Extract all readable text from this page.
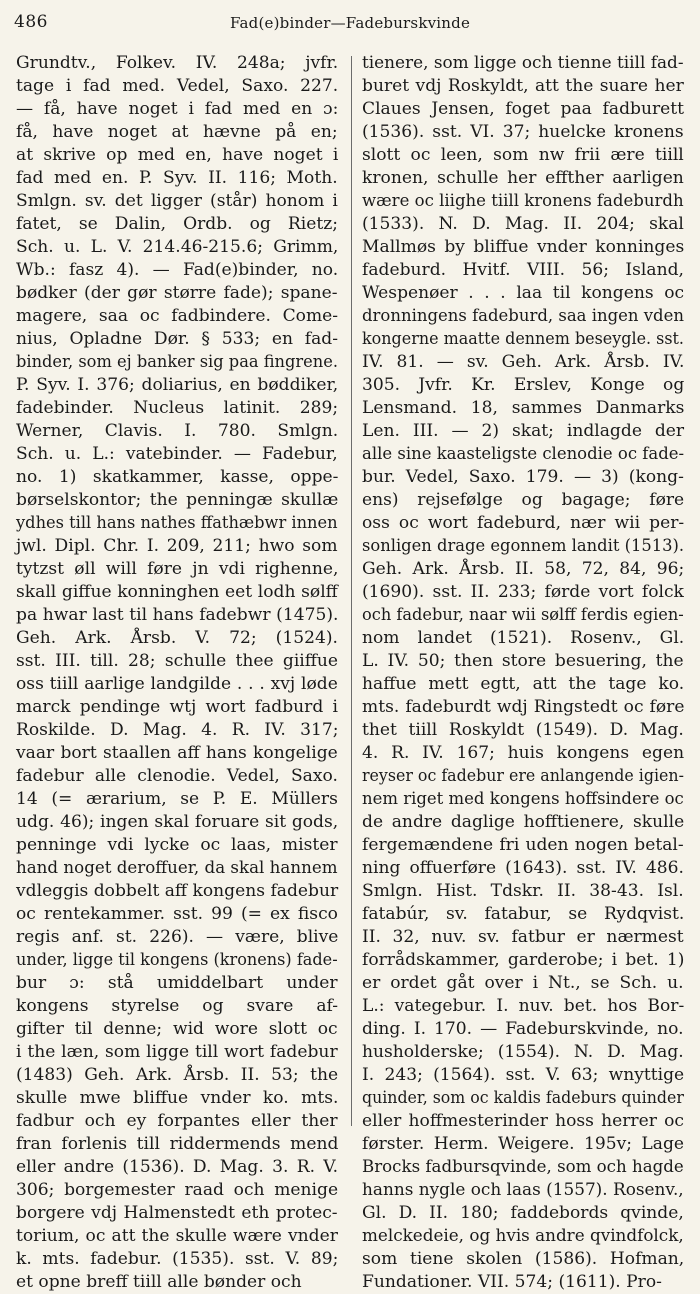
486	Fad(e)binder—Fadeburskvinde
Grundtv., Folkev. IV. 248a; jvfr.
tage i fad med. Vedel, Saxo. 227.
— få, have noget i fad med en ɔ:
få, have noget at hævne på en;
at skrive op med en, have noget i
fad med en. P. Syv. II. 116; Moth.
Smlgn. sv. det ligger (står) honom i
fatet, se Dalin, Ordb. og Rietz;
Sch. u. L. V. 214.46-215.6; Grimm,
Wb.: fasz 4). — Fad(e)binder, no.
bødker (der gør større fade); spane-
magere, saa oc fadbindere. Come-
nius, Opladne Dør. § 533; en fad-
binder, som ej banker sig paa fingrene.
P. Syv. I. 376; doliarius, en bøddiker,
fadebinder. Nucleus latinit. 289;
Werner, Clavis. I. 780. Smlgn.
Sch. u. L.: vatebinder. — Fadebur,
no. 1) skatkammer, kasse, oppe-
børselskontor; the penningæ skullæ
ydhes till hans nathes ffathæbwr innen
jwl. Dipl. Chr. I. 209, 211; hwo som
tytzst øll will føre jn vdi righenne,
skall giffue konninghen eet lodh sølff
pa hwar last til hans fadebwr (1475).
Geh. Ark. Årsb. V. 72; (1524).
sst. III. till. 28; schulle thee giiffue
oss tiill aarlige landgilde . . . xvj løde
marck pendinge wtj wort fadburd i
Roskilde. D. Mag. 4. R. IV. 317;
vaar bort staallen aff hans kongelige
fadebur alle clenodie. Vedel, Saxo.
14 (= ærarium, se P. E. Müllers
udg. 46); ingen skal foruare sit gods,
penninge vdi lycke oc laas, mister
hand noget deroffuer, da skal hannem
vdleggis dobbelt aff kongens fadebur
oc rentekammer. sst. 99 (= ex fisco
regis anf. st. 226). — være, blive
under, ligge til kongens (kronens) fade-
bur ɔ: stå umiddelbart under
kongens styrelse og svare af-
gifter til denne; wid wore slott oc
i the læn, som ligge till wort fadebur
(1483) Geh. Ark. Årsb. II. 53; the
skulle mwe bliffue vnder ko. mts.
fadbur och ey forpantes eller ther
fran forlenis till riddermends mend
eller andre (1536). D. Mag. 3. R. V.
306; borgemester raad och menige
borgere vdj Halmenstedt eth protec-
torium, oc att the skulle wære vnder
k. mts. fadebur. (1535). sst. V. 89;
et opne breff tiill alle bønder och
tienere, som ligge och tienne tiill fad-
buret vdj Roskyldt, att the suare her
Claues Jensen, foget paa fadburett
(1536). sst. VI. 37; huelcke kronens
slott oc leen, som nw frii ære tiill
kronen, schulle her effther aarligen
wære oc liighe tiill kronens fadeburdh
(1533). N. D. Mag. II. 204; skal
Mallmøs by bliffue vnder konninges
fadeburd. Hvitf. VIII. 56; Island,
Wespenøer . . . laa til kongens oc
dronningens fadeburd, saa ingen vden
kongerne maatte dennem beseygle. sst.
IV. 81. — sv. Geh. Ark. Årsb. IV.
305. Jvfr. Kr. Erslev, Konge og
Lensmand. 18, sammes Danmarks
Len. III. — 2) skat; indlagde der
alle sine kaasteligste clenodie oc fade-
bur. Vedel, Saxo. 179. — 3) (kong-
ens) rejsefølge og bagage; føre
oss oc wort fadeburd, nær wii per-
sonligen drage egonnem landit (1513).
Geh. Ark. Årsb. II. 58, 72, 84, 96;
(1690). sst. II. 233; førde vort folck
och fadebur, naar wii sølff ferdis egien-
nom landet (1521). Rosenv., Gl.
L. IV. 50; then store besuering, the
haffue mett egtt, att the tage ko.
mts. fadeburdt wdj Ringstedt oc føre
thet tiill Roskyldt (1549). D. Mag.
4. R. IV. 167; huis kongens egen
reyser oc fadebur ere anlangende igien-
nem riget med kongens hoffsindere oc
de andre daglige hofftienere, skulle
fergemændene fri uden nogen betal-
ning offuerføre (1643). sst. IV. 486.
Smlgn. Hist. Tdskr. II. 38-43. Isl.
fatabúr, sv. fatabur, se Rydqvist.
II. 32, nuv. sv. fatbur er nærmest
forrådskammer, garderobe; i bet. 1)
er ordet gåt over i Nt., se Sch. u.
L.: vategebur. I. nuv. bet. hos Bor-
ding. I. 170. — Fadeburskvinde, no.
husholderske; (1554). N. D. Mag.
I. 243; (1564). sst. V. 63; wnyttige
quinder, som oc kaldis fadeburs quinder
eller hoffmesterinder hoss herrer oc
førster. Herm. Weigere. 195v; Lage
Brocks fadbursqvinde, som och hagde
hanns nygle och laas (1557). Rosenv.,
Gl. D. II. 180; faddebords qvinde,
melckedeie, og hvis andre qvindfolck,
som tiene skolen (1586). Hofman,
Fundationer. VII. 574; (1611). Pro-
